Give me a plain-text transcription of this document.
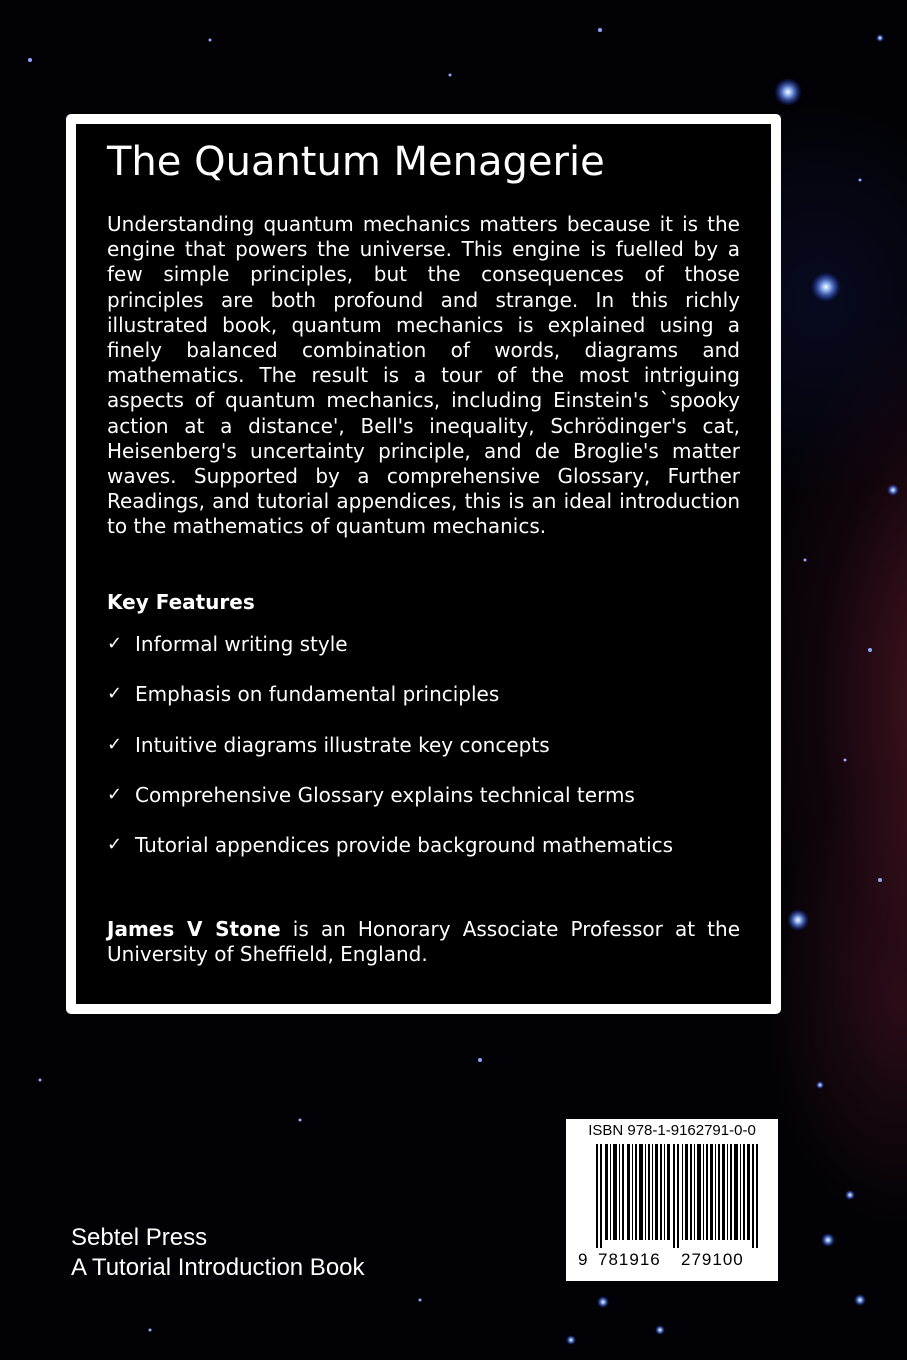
The Quantum Menagerie

Understanding quantum mechanics matters because it is the engine that powers the universe. This engine is fuelled by a few simple principles, but the consequences of those principles are both profound and strange. In this richly illustrated book, quantum mechanics is explained using a finely balanced combination of words, diagrams and mathematics. The result is a tour of the most intriguing aspects of quantum mechanics, including Einstein's `spooky action at a distance', Bell's inequality, Schrödinger's cat, Heisenberg's uncertainty principle, and de Broglie's matter waves. Supported by a comprehensive Glossary, Further Readings, and tutorial appendices, this is an ideal introduction to the mathematics of quantum mechanics.

Key Features

✓ Informal writing style
✓ Emphasis on fundamental principles
✓ Intuitive diagrams illustrate key concepts
✓ Comprehensive Glossary explains technical terms
✓ Tutorial appendices provide background mathematics

James V Stone is an Honorary Associate Professor at the University of Sheffield, England.

Sebtel Press
A Tutorial Introduction Book
ISBN 978-1-9162791-0-0
9 781916 279100
